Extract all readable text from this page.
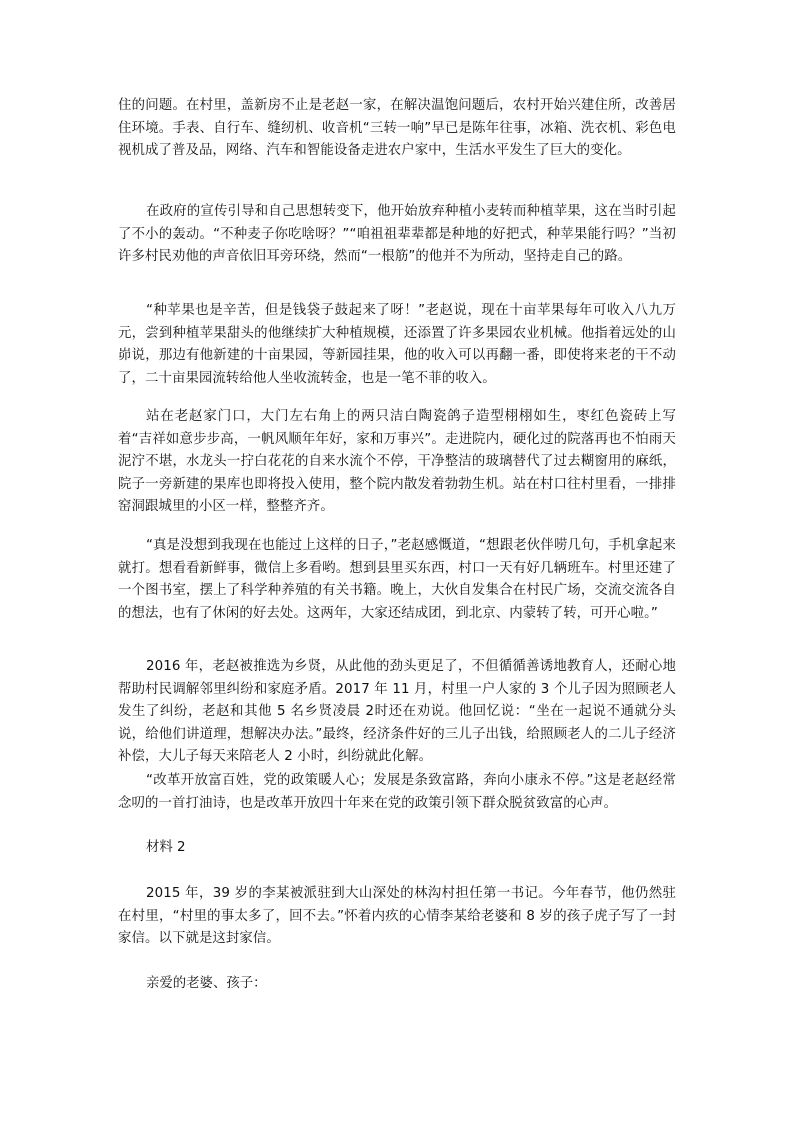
住的问题。在村里，盖新房不止是老赵一家，在解决温饱问题后，农村开始兴建住所，改善居住环境。手表、自行车、缝纫机、收音机“三转一响”早已是陈年往事，冰箱、洗衣机、彩色电视机成了普及品，网络、汽车和智能设备走进农户家中，生活水平发生了巨大的变化。

在政府的宣传引导和自己思想转变下，他开始放弃种植小麦转而种植苹果，这在当时引起了不小的轰动。“不种麦子你吃啥呀？”“咱祖祖辈辈都是种地的好把式，种苹果能行吗？”当初许多村民劝他的声音依旧耳旁环绕，然而“一根筋”的他并不为所动，坚持走自己的路。

“种苹果也是辛苦，但是钱袋子鼓起来了呀！”老赵说，现在十亩苹果每年可收入八九万元，尝到种植苹果甜头的他继续扩大种植规模，还添置了许多果园农业机械。他指着远处的山峁说，那边有他新建的十亩果园，等新园挂果，他的收入可以再翻一番，即使将来老的干不动了，二十亩果园流转给他人坐收流转金，也是一笔不菲的收入。

站在老赵家门口，大门左右角上的两只洁白陶瓷鸽子造型栩栩如生，枣红色瓷砖上写着“吉祥如意步步高，一帆风顺年年好，家和万事兴”。走进院内，硬化过的院落再也不怕雨天泥泞不堪，水龙头一拧白花花的自来水流个不停，干净整洁的玻璃替代了过去糊窗用的麻纸，院子一旁新建的果库也即将投入使用，整个院内散发着勃勃生机。站在村口往村里看，一排排窑洞跟城里的小区一样，整整齐齐。

“真是没想到我现在也能过上这样的日子，”老赵感慨道，“想跟老伙伴唠几句，手机拿起来就打。想看看新鲜事，微信上多看哟。想到县里买东西，村口一天有好几辆班车。村里还建了一个图书室，摆上了科学种养殖的有关书籍。晚上，大伙自发集合在村民广场，交流交流各自的想法，也有了休闲的好去处。这两年，大家还结成团，到北京、内蒙转了转，可开心啦。”

2016 年，老赵被推选为乡贤，从此他的劲头更足了，不但循循善诱地教育人，还耐心地帮助村民调解邻里纠纷和家庭矛盾。2017 年 11 月，村里一户人家的 3 个儿子因为照顾老人发生了纠纷，老赵和其他 5 名乡贤凌晨 2时还在劝说。他回忆说：“坐在一起说不通就分头说，给他们讲道理，想解决办法。”最终，经济条件好的三儿子出钱，给照顾老人的二儿子经济补偿，大儿子每天来陪老人 2 小时，纠纷就此化解。

“改革开放富百姓，党的政策暖人心；发展是条致富路，奔向小康永不停。”这是老赵经常念叨的一首打油诗，也是改革开放四十年来在党的政策引领下群众脱贫致富的心声。

材料 2

2015 年，39 岁的李某被派驻到大山深处的林沟村担任第一书记。今年春节，他仍然驻在村里，“村里的事太多了，回不去。”怀着内疚的心情李某给老婆和 8 岁的孩子虎子写了一封家信。以下就是这封家信。

亲爱的老婆、孩子：
